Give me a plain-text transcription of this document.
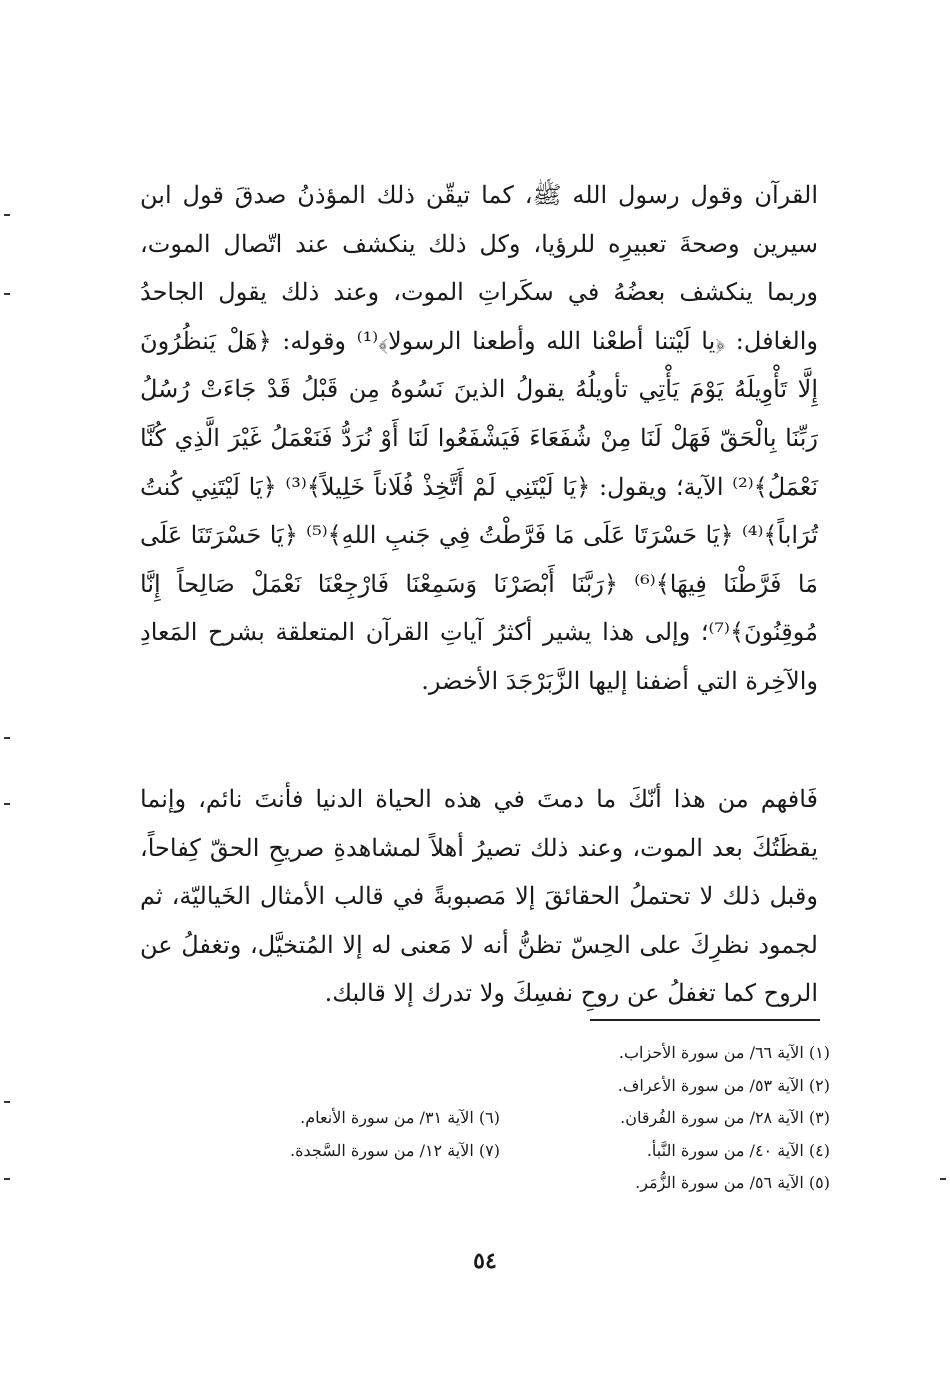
القرآن وقول رسول الله ﷺ، كما تيقّن ذلك المؤذنُ صدقَ قول ابن سيرين وصحةَ تعبيرِه للرؤيا، وكل ذلك ينكشف عند اتّصال الموت، وربما ينكشف بعضُهُ في سكَراتِ الموت، وعند ذلك يقول الجاحدُ والغافل: ﴿يا لَيْتنا أطعْنا الله وأطعنا الرسولا﴾⁽¹⁾ وقوله: ﴿هَلْ يَنظُرُونَ إِلَّا تَأْوِيلَهُ يَوْمَ يَأْتِي تأويلُهُ يقولُ الذينَ نَسُوهُ مِن قَبْلُ قَدْ جَاءَتْ رُسُلُ رَبِّنَا بِالْحَقّ فَهَلْ لَنَا مِنْ شُفَعَاءَ فَيَشْفَعُوا لَنَا أَوْ نُرَدُّ فَنَعْمَلُ غَيْرَ الَّذِي كُنَّا نَعْمَلُ﴾⁽²⁾ الآية؛ ويقول: ﴿يَا لَيْتَنِي لَمْ أَتَّخِذْ فُلَاناً خَلِيلاً﴾⁽³⁾ ﴿يَا لَيْتَنِي كُنتُ تُرَاباً﴾⁽⁴⁾ ﴿يَا حَسْرَتَا عَلَى مَا فَرَّطْتُ فِي جَنبِ اللهِ﴾⁽⁵⁾ ﴿يَا حَسْرَتَنَا عَلَى مَا فَرَّطْنَا فِيهَا﴾⁽⁶⁾ ﴿رَبَّنَا أَبْصَرْنَا وَسَمِعْنَا فَارْجِعْنَا نَعْمَلْ صَالِحاً إِنَّا مُوقِنُونَ﴾⁽⁷⁾؛ وإلى هذا يشير أكثرُ آياتِ القرآن المتعلقة بشرح المَعادِ والآخِرة التي أضفنا إليها الزَّبَرْجَدَ الأخضر.

فَافهم من هذا أنّكَ ما دمتَ في هذه الحياة الدنيا فأنتَ نائم، وإنما يقظَتُكَ بعد الموت، وعند ذلك تصيرُ أهلاً لمشاهدةِ صريحِ الحقّ كِفاحاً، وقبل ذلك لا تحتملُ الحقائقَ إلا مَصبوبةً في قالب الأمثال الخَياليّة، ثم لجمود نظرِكَ على الحِسّ تظنُّ أنه لا مَعنى له إلا المُتخيَّل، وتغفلُ عن الروح كما تغفلُ عن روحِ نفسِكَ ولا تدرك إلا قالبك.

(١) الآية ٦٦/ من سورة الأحزاب.
(٢) الآية ٥٣/ من سورة الأعراف.
(٣) الآية ٢٨/ من سورة الفُرقان.
(٤) الآية ٤٠/ من سورة النَّبأ.
(٥) الآية ٥٦/ من سورة الزُّمَر.
(٦) الآية ٣١/ من سورة الأنعام.
(٧) الآية ١٢/ من سورة السَّجدة.
٥٤
